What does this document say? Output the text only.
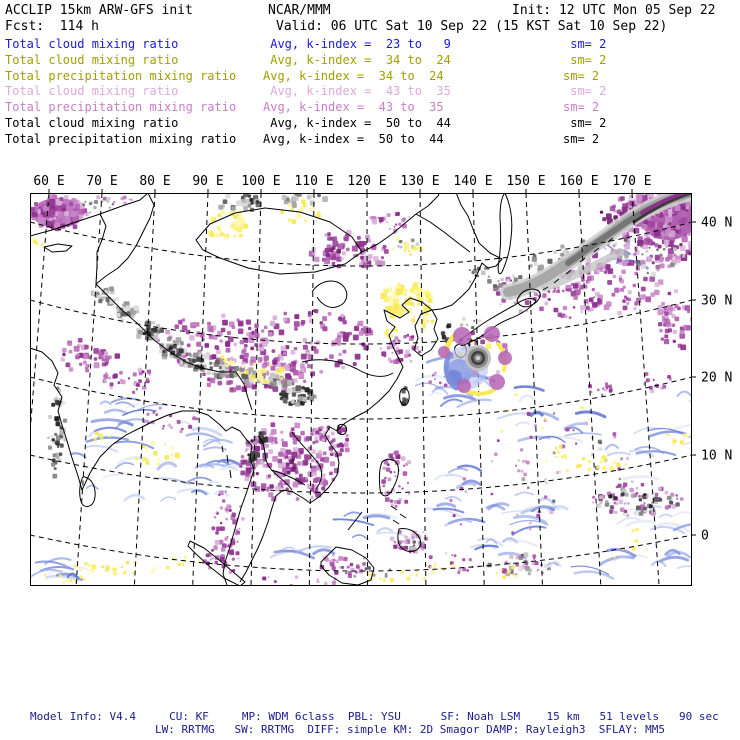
ACCLIP 15km ARW-GFS init	NCAR/MMM	Init: 12 UTC Mon 05 Sep 22
Fcst:  114 h	Valid: 06 UTC Sat 10 Sep 22 (15 KST Sat 10 Sep 22)
Total cloud mixing ratio	Avg, k-index =  23 to   9	sm= 2
Total cloud mixing ratio	Avg, k-index =  34 to  24	sm= 2
Total precipitation mixing ratio Avg, k-index =  34 to  24	sm= 2
Total cloud mixing ratio	Avg, k-index =  43 to  35	sm= 2
Total precipitation mixing ratio Avg, k-index =  43 to  35	sm= 2
Total cloud mixing ratio	Avg, k-index =  50 to  44	sm= 2
Total precipitation mixing ratio Avg, k-index =  50 to  44	sm= 2
60 E 70 E 80 E 90 E 100 E 110 E 120 E 130 E 140 E 150 E 160 E 170 E
40 N
30 N
20 N
10 N
0
Model Info: V4.4     CU: KF     MP: WDM 6class  PBL: YSU      SF: Noah LSM    15 km   51 levels   90 sec
LW: RRTMG   SW: RRTMG  DIFF: simple KM: 2D Smagor DAMP: Rayleigh3  SFLAY: MM5
